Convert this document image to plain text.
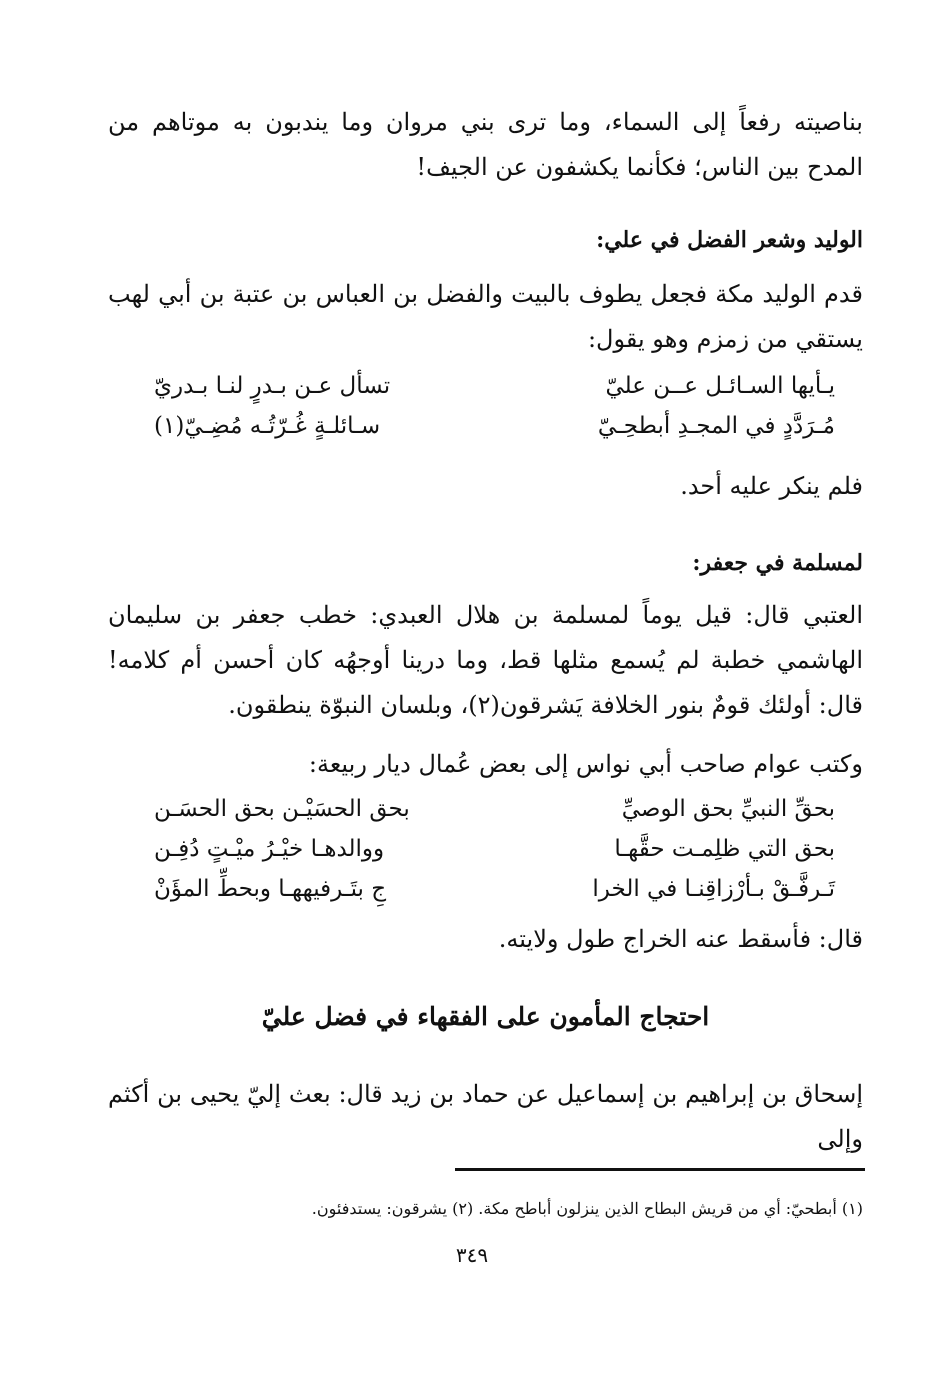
بناصيته رفعاً إلى السماء، وما ترى بني مروان وما يندبون به موتاهم من المدح بين الناس؛ فكأنما يكشفون عن الجيف!

الوليد وشعر الفضل في علي:

قدم الوليد مكة فجعل يطوف بالبيت والفضل بن العباس بن عتبة بن أبي لهب يستقي من زمزم وهو يقول:

يـأيها السـائـل عــن عليّ
تسأل عـن بـدرٍ لنـا بـدريّ
مُـرَدَّدٍ في المجـدِ أبطحِـيّ
سـائلـةٍ غُـرّتُـه مُضِـيّ(١)

فلم ينكر عليه أحد.

لمسلمة في جعفر:

العتبي قال: قيل يوماً لمسلمة بن هلال العبدي: خطب جعفر بن سليمان الهاشمي خطبة لم يُسمع مثلها قط، وما درينا أوجهُه كان أحسن أم كلامه! قال: أولئك قومٌ بنور الخلافة يَشرقون(٢)، وبلسان النبوّة ينطقون.

وكتب عوام صاحب أبي نواس إلى بعض عُمال ديار ربيعة:

بحقِّ النبيِّ بحق الوصيِّ
بحق الحسَيْـن بحق الحسَـن
بحق التي ظلِمـت حقَّهـا
ووالدهـا خيْـرُ ميْـتٍ دُفِـن
تَـرفَّـقْ بـأرْزاقِنـا في الخرا
جِ بتَـرفيههـا وبحطِّ المؤَنْ

قال: فأسقط عنه الخراج طول ولايته.

احتجاج المأمون على الفقهاء في فضل عليّ

إسحاق بن إبراهيم بن إسماعيل عن حماد بن زيد قال: بعث إليّ يحيى بن أكثم وإلى

(١) أبطحيّ: أي من قريش البطاح الذين ينزلون أباطح مكة. (٢) يشرقون: يستدفئون.
٣٤٩
